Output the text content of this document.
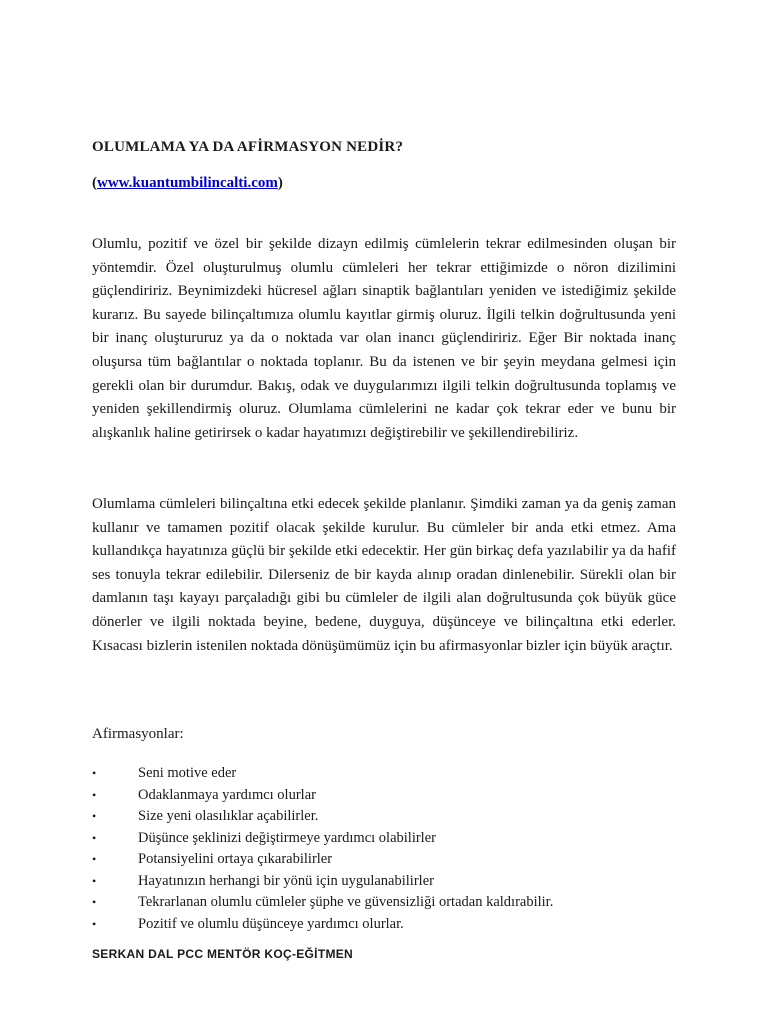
OLUMLAMA YA DA AFİRMASYON NEDİR?

(www.kuantumbilincalti.com)

Olumlu, pozitif ve özel bir şekilde dizayn edilmiş cümlelerin tekrar edilmesinden oluşan bir yöntemdir. Özel oluşturulmuş olumlu cümleleri her tekrar ettiğimizde o nöron dizilimini güçlendiririz. Beynimizdeki hücresel ağları sinaptik bağlantıları yeniden ve istediğimiz şekilde kurarız. Bu sayede bilinçaltımıza olumlu kayıtlar girmiş oluruz. İlgili telkin doğrultusunda yeni bir inanç oluştururuz ya da o noktada var olan inancı güçlendiririz. Eğer Bir noktada inanç oluşursa tüm bağlantılar o noktada toplanır. Bu da istenen ve bir şeyin meydana gelmesi için gerekli olan bir durumdur. Bakış, odak ve duygularımızı ilgili telkin doğrultusunda toplamış ve yeniden şekillendirmiş oluruz. Olumlama cümlelerini ne kadar çok tekrar eder ve bunu bir alışkanlık haline getirirsek o kadar hayatımızı değiştirebilir ve şekillendirebiliriz.

Olumlama cümleleri bilinçaltına etki edecek şekilde planlanır. Şimdiki zaman ya da geniş zaman kullanır ve tamamen pozitif olacak şekilde kurulur. Bu cümleler bir anda etki etmez. Ama kullandıkça hayatınıza güçlü bir şekilde etki edecektir. Her gün birkaç defa yazılabilir ya da hafif ses tonuyla tekrar edilebilir. Dilerseniz de bir kayda alınıp oradan dinlenebilir. Sürekli olan bir damlanın taşı kayayı parçaladığı gibi bu cümleler de ilgili alan doğrultusunda çok büyük güce dönerler ve ilgili noktada beyine, bedene, duyguya, düşünceye ve bilinçaltına etki ederler. Kısacası bizlerin istenilen noktada dönüşümümüz için bu afirmasyonlar bizler için büyük araçtır.

Afirmasyonlar:

•	Seni motive eder
•	Odaklanmaya yardımcı olurlar
•	Size yeni olasılıklar açabilirler.
•	Düşünce şeklinizi değiştirmeye yardımcı olabilirler
•	Potansiyelini ortaya çıkarabilirler
•	Hayatınızın herhangi bir yönü için uygulanabilirler
•	Tekrarlanan olumlu cümleler şüphe ve güvensizliği ortadan kaldırabilir.
•	Pozitif ve olumlu düşünceye yardımcı olurlar.

SERKAN DAL PCC MENTÖR KOÇ-EĞİTMEN
